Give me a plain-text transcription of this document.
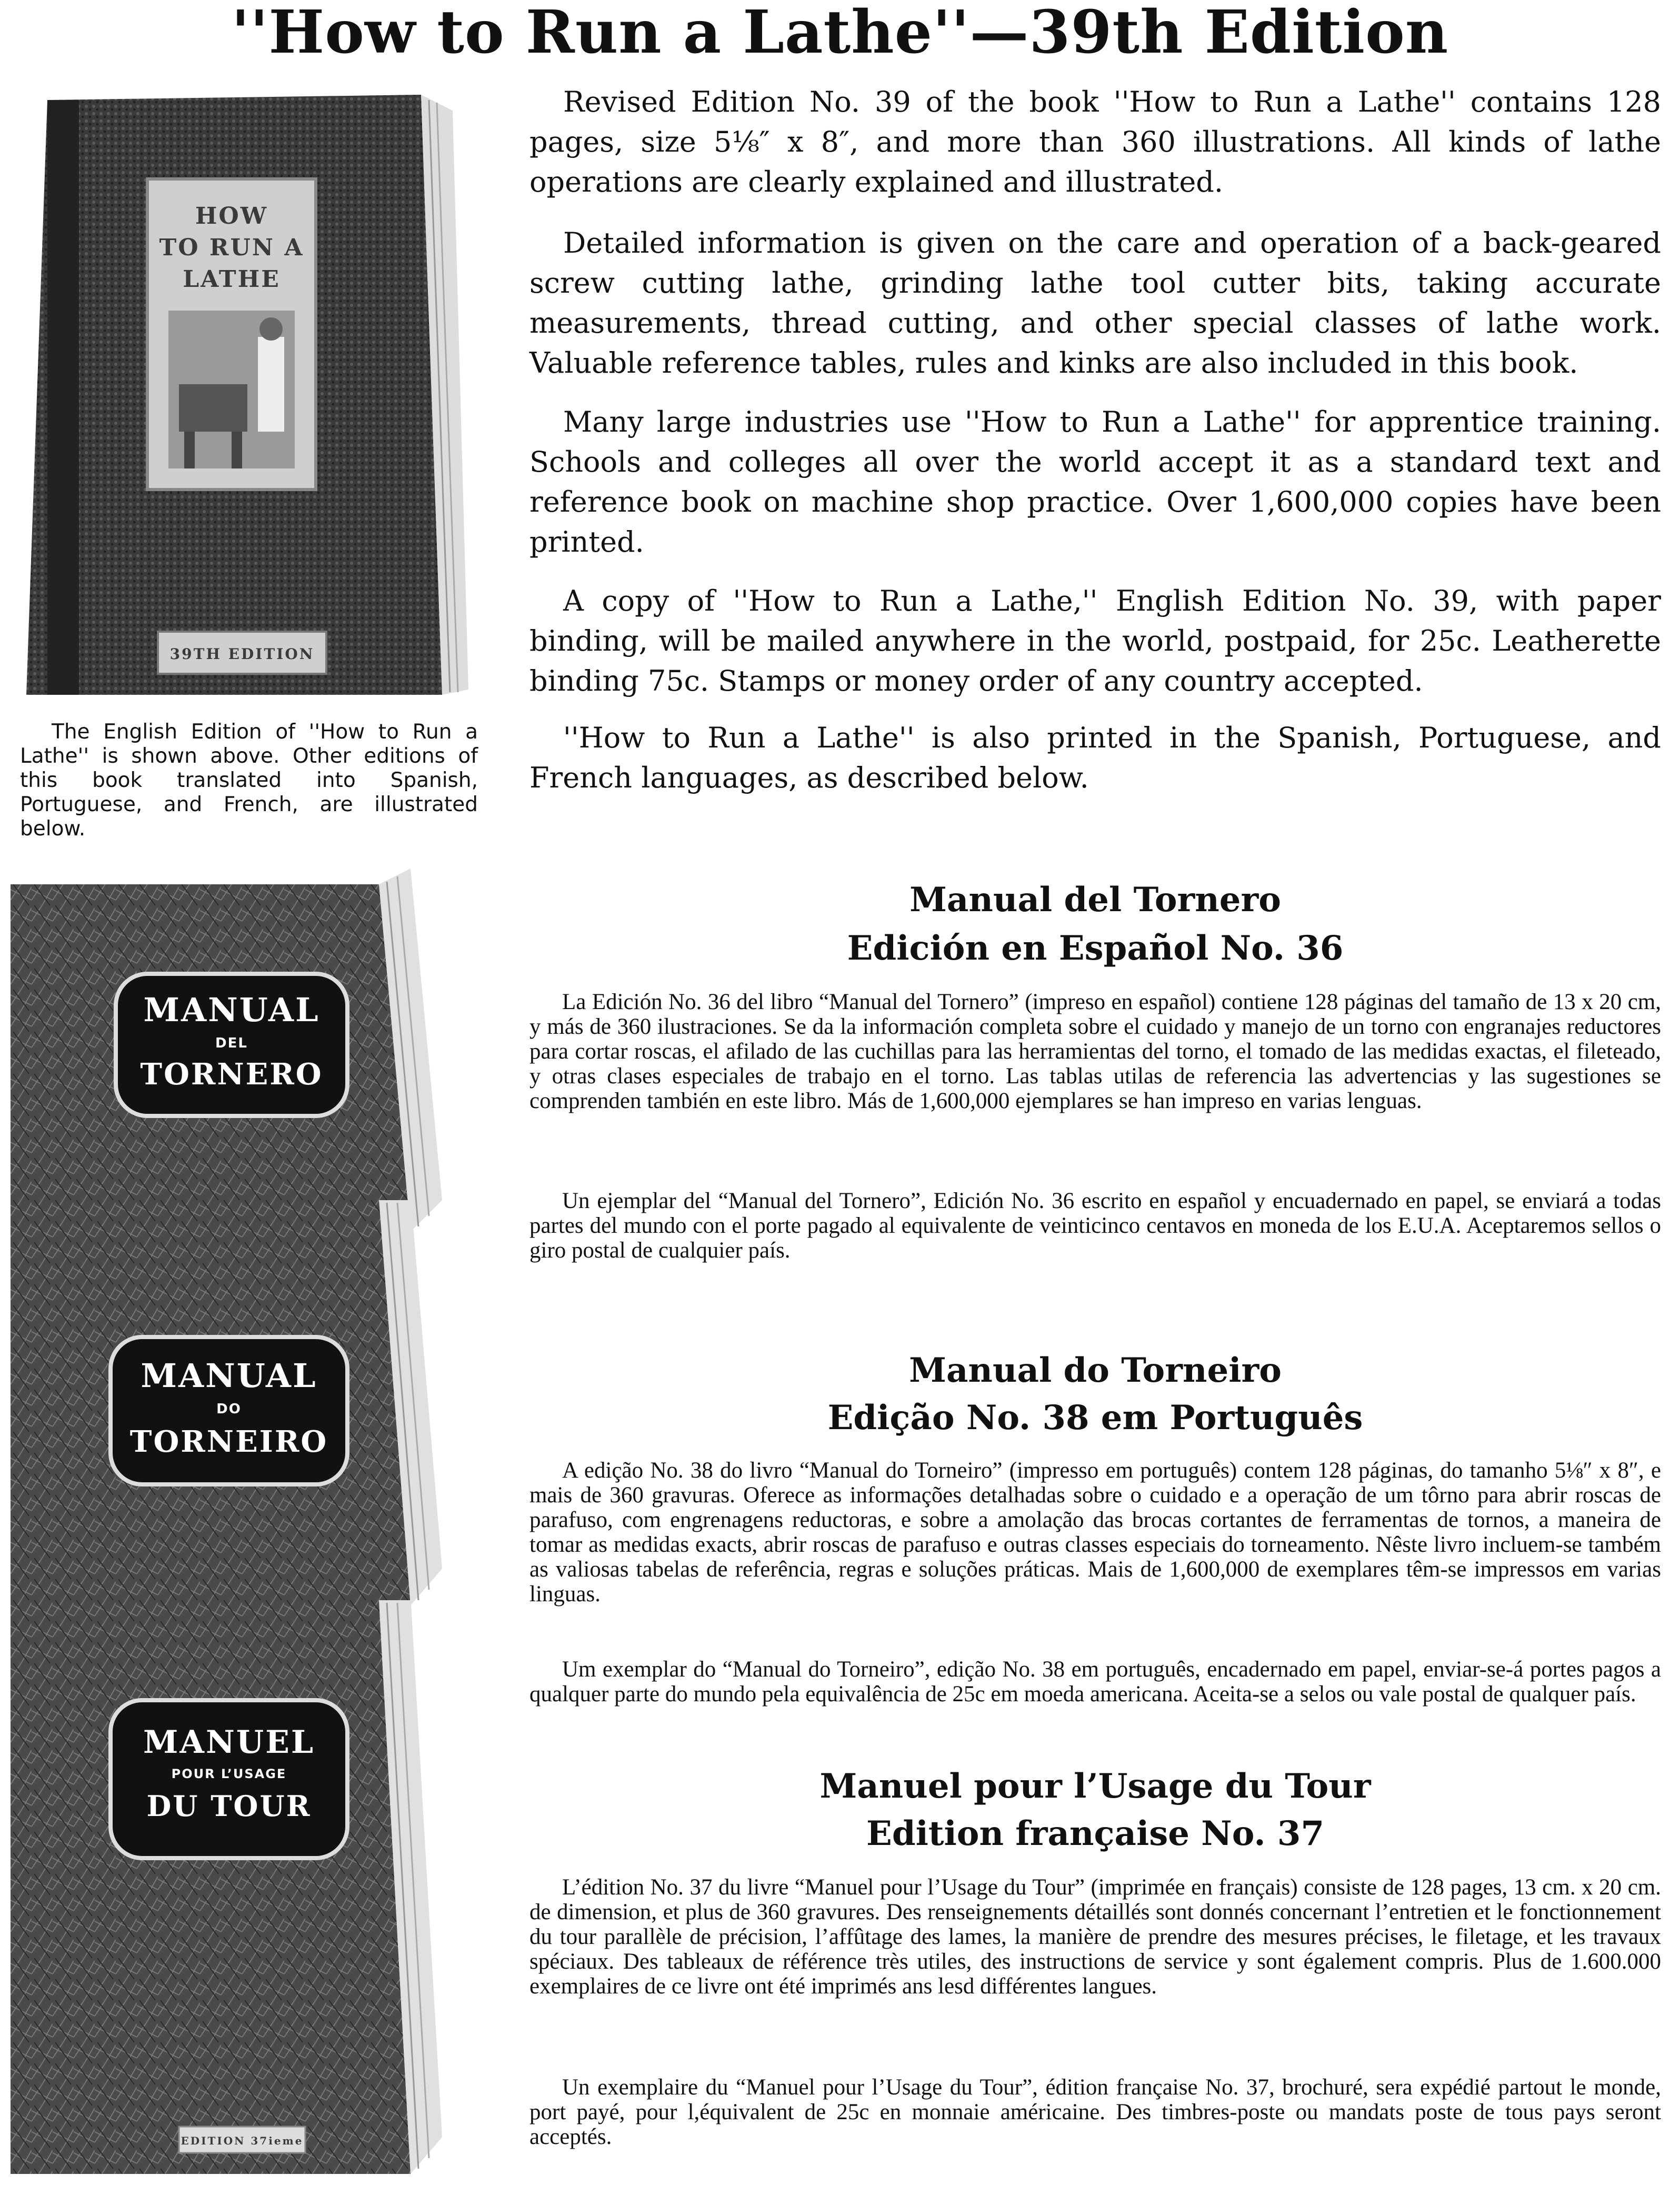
''How to Run a Lathe''—39th Edition
HOW
TO RUN A
LATHE
39TH EDITION

The English Edition of ''How to Run a Lathe'' is shown above. Other editions of this book translated into Spanish, Portuguese, and French, are illustrated below.

Revised Edition No. 39 of the book ''How to Run a Lathe'' contains 128 pages, size 5⅛″ x 8″, and more than 360 illustrations. All kinds of lathe operations are clearly explained and illustrated.

Detailed information is given on the care and operation of a back-geared screw cutting lathe, grinding lathe tool cutter bits, taking accurate measurements, thread cutting, and other special classes of lathe work. Valuable reference tables, rules and kinks are also included in this book.

Many large industries use ''How to Run a Lathe'' for apprentice training. Schools and colleges all over the world accept it as a standard text and reference book on machine shop practice. Over 1,600,000 copies have been printed.

A copy of ''How to Run a Lathe,'' English Edition No. 39, with paper binding, will be mailed anywhere in the world, postpaid, for 25c. Leatherette binding 75c. Stamps or money order of any country accepted.

''How to Run a Lathe'' is also printed in the Spanish, Portuguese, and French languages, as described below.

MANUAL
DEL
TORNERO
Manual del Tornero
Edición en Español No. 36

La Edición No. 36 del libro “Manual del Tornero” (impreso en español) contiene 128 páginas del tamaño de 13 x 20 cm, y más de 360 ilustraciones. Se da la información completa sobre el cuidado y manejo de un torno con engranajes reductores para cortar roscas, el afilado de las cuchillas para las herramientas del torno, el tomado de las medidas exactas, el fileteado, y otras clases especiales de trabajo en el torno. Las tablas utilas de referencia las advertencias y las sugestiones se comprenden también en este libro. Más de 1,600,000 ejemplares se han impreso en varias lenguas.

Un ejemplar del “Manual del Tornero”, Edición No. 36 escrito en español y encuadernado en papel, se enviará a todas partes del mundo con el porte pagado al equivalente de veinticinco centavos en moneda de los E.U.A. Aceptaremos sellos o giro postal de cualquier país.

MANUAL
DO
TORNEIRO
Manual do Torneiro
Edição No. 38 em Português

A edição No. 38 do livro “Manual do Torneiro” (impresso em português) contem 128 páginas, do tamanho 5⅛″ x 8″, e mais de 360 gravuras. Oferece as informações detalhadas sobre o cuidado e a operação de um tôrno para abrir roscas de parafuso, com engrenagens reductoras, e sobre a amolação das brocas cortantes de ferramentas de tornos, a maneira de tomar as medidas exacts, abrir roscas de parafuso e outras classes especiais do torneamento. Nêste livro incluem-se também as valiosas tabelas de referência, regras e soluções práticas. Mais de 1,600,000 de exemplares têm-se impressos em varias linguas.

Um exemplar do “Manual do Torneiro”, edição No. 38 em português, encadernado em papel, enviar-se-á portes pagos a qualquer parte do mundo pela equivalência de 25c em moeda americana. Aceita-se a selos ou vale postal de qualquer país.

MANUEL
POUR L’USAGE
DU TOUR
EDITION 37ieme
Manuel pour l’Usage du Tour
Edition française No. 37

L’édition No. 37 du livre “Manuel pour l’Usage du Tour” (imprimée en français) consiste de 128 pages, 13 cm. x 20 cm. de dimension, et plus de 360 gravures. Des renseignements détaillés sont donnés concernant l’entretien et le fonctionnement du tour parallèle de précision, l’affûtage des lames, la manière de prendre des mesures précises, le filetage, et les travaux spéciaux. Des tableaux de référence très utiles, des instructions de service y sont également compris. Plus de 1.600.000 exemplaires de ce livre ont été imprimés ans lesd différentes langues.

Un exemplaire du “Manuel pour l’Usage du Tour”, édition française No. 37, brochuré, sera expédié partout le monde, port payé, pour l,équivalent de 25c en monnaie américaine. Des timbres-poste ou mandats poste de tous pays seront acceptés.
